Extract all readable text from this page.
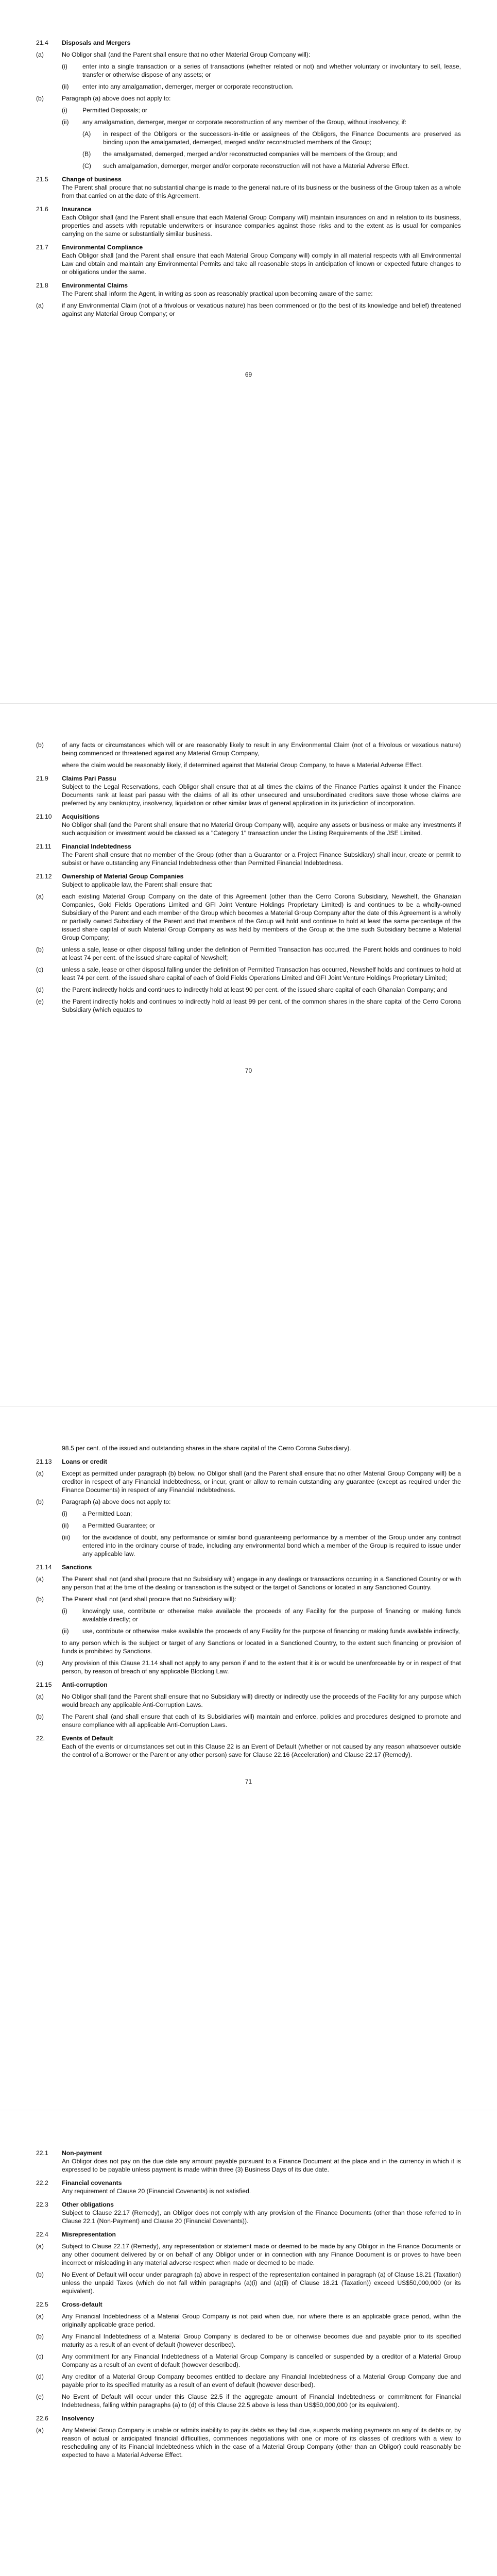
21.4 Disposals and Mergers
(a)	No Obligor shall (and the Parent shall ensure that no other Material Group Company will):
(i) enter into a single transaction or a series of transactions (whether related or not) and whether voluntary or involuntary to sell, lease, transfer or otherwise dispose of any assets; or
(ii) enter into any amalgamation, demerger, merger or corporate reconstruction.
(b)	Paragraph (a) above does not apply to:
(i) Permitted Disposals; or
(ii) any amalgamation, demerger, merger or corporate reconstruction of any member of the Group, without insolvency, if:
(A) in respect of the Obligors or the successors-in-title or assignees of the Obligors, the Finance Documents are preserved as binding upon the amalgamated, demerged, merged and/or reconstructed members of the Group;
(B) the amalgamated, demerged, merged and/or reconstructed companies will be members of the Group; and
(C) such amalgamation, demerger, merger and/or corporate reconstruction will not have a Material Adverse Effect.
21.5 Change of business

The Parent shall procure that no substantial change is made to the general nature of its business or the business of the Group taken as a whole from that carried on at the date of this Agreement.

21.6 Insurance

Each Obligor shall (and the Parent shall ensure that each Material Group Company will) maintain insurances on and in relation to its business, properties and assets with reputable underwriters or insurance companies against those risks and to the extent as is usual for companies carrying on the same or substantially similar business.

21.7 Environmental Compliance

Each Obligor shall (and the Parent shall ensure that each Material Group Company will) comply in all material respects with all Environmental Law and obtain and maintain any Environmental Permits and take all reasonable steps in anticipation of known or expected future changes to or obligations under the same.

21.8 Environmental Claims

The Parent shall inform the Agent, in writing as soon as reasonably practical upon becoming aware of the same:

(a)	if any Environmental Claim (not of a frivolous or vexatious nature) has been commenced or (to the best of its knowledge and belief) threatened against any Material Group Company; or
69
(b)	of any facts or circumstances which will or are reasonably likely to result in any Environmental Claim (not of a frivolous or vexatious nature) being commenced or threatened against any Material Group Company,

where the claim would be reasonably likely, if determined against that Material Group Company, to have a Material Adverse Effect.

21.9 Claims Pari Passu

Subject to the Legal Reservations, each Obligor shall ensure that at all times the claims of the Finance Parties against it under the Finance Documents rank at least pari passu with the claims of all its other unsecured and unsubordinated creditors save those whose claims are preferred by any bankruptcy, insolvency, liquidation or other similar laws of general application in its jurisdiction of incorporation.

21.10 Acquisitions

No Obligor shall (and the Parent shall ensure that no Material Group Company will), acquire any assets or business or make any investments if such acquisition or investment would be classed as a "Category 1" transaction under the Listing Requirements of the JSE Limited.

21.11 Financial Indebtedness

The Parent shall ensure that no member of the Group (other than a Guarantor or a Project Finance Subsidiary) shall incur, create or permit to subsist or have outstanding any Financial Indebtedness other than Permitted Financial Indebtedness.

21.12 Ownership of Material Group Companies

Subject to applicable law, the Parent shall ensure that:

(a)	each existing Material Group Company on the date of this Agreement (other than the Cerro Corona Subsidiary, Newshelf, the Ghanaian Companies, Gold Fields Operations Limited and GFI Joint Venture Holdings Proprietary Limited) is and continues to be a wholly-owned Subsidiary of the Parent and each member of the Group which becomes a Material Group Company after the date of this Agreement is a wholly or partially owned Subsidiary of the Parent and that members of the Group will hold and continue to hold at least the same percentage of the issued share capital of such Material Group Company as was held by members of the Group at the time such Subsidiary became a Material Group Company;
(b)	unless a sale, lease or other disposal falling under the definition of Permitted Transaction has occurred, the Parent holds and continues to hold at least 74 per cent. of the issued share capital of Newshelf;
(c)	unless a sale, lease or other disposal falling under the definition of Permitted Transaction has occurred, Newshelf holds and continues to hold at least 74 per cent. of the issued share capital of each of Gold Fields Operations Limited and GFI Joint Venture Holdings Proprietary Limited;
(d)	the Parent indirectly holds and continues to indirectly hold at least 90 per cent. of the issued share capital of each Ghanaian Company; and
(e)	the Parent indirectly holds and continues to indirectly hold at least 99 per cent. of the common shares in the share capital of the Cerro Corona Subsidiary (which equates to
70

98.5 per cent. of the issued and outstanding shares in the share capital of the Cerro Corona Subsidiary).

21.13 Loans or credit
(a)	Except as permitted under paragraph (b) below, no Obligor shall (and the Parent shall ensure that no other Material Group Company will) be a creditor in respect of any Financial Indebtedness, or incur, grant or allow to remain outstanding any guarantee (except as required under the Finance Documents) in respect of any Financial Indebtedness.
(b)	Paragraph (a) above does not apply to:
(i) a Permitted Loan;
(ii) a Permitted Guarantee; or
(iii) for the avoidance of doubt, any performance or similar bond guaranteeing performance by a member of the Group under any contract entered into in the ordinary course of trade, including any environmental bond which a member of the Group is required to issue under any applicable law.
21.14 Sanctions
(a)	The Parent shall not (and shall procure that no Subsidiary will) engage in any dealings or transactions occurring in a Sanctioned Country or with any person that at the time of the dealing or transaction is the subject or the target of Sanctions or located in any Sanctioned Country.
(b)	The Parent shall not (and shall procure that no Subsidiary will):
(i) knowingly use, contribute or otherwise make available the proceeds of any Facility for the purpose of financing or making funds available directly; or
(ii) use, contribute or otherwise make available the proceeds of any Facility for the purpose of financing or making funds available indirectly,

to any person which is the subject or target of any Sanctions or located in a Sanctioned Country, to the extent such financing or provision of funds is prohibited by Sanctions.

(c)	Any provision of this Clause 21.14 shall not apply to any person if and to the extent that it is or would be unenforceable by or in respect of that person, by reason of breach of any applicable Blocking Law.
21.15 Anti-corruption
(a)	No Obligor shall (and the Parent shall ensure that no Subsidiary will) directly or indirectly use the proceeds of the Facility for any purpose which would breach any applicable Anti-Corruption Laws.
(b)	The Parent shall (and shall ensure that each of its Subsidiaries will) maintain and enforce, policies and procedures designed to promote and ensure compliance with all applicable Anti-Corruption Laws.
22.	Events of Default

Each of the events or circumstances set out in this Clause 22 is an Event of Default (whether or not caused by any reason whatsoever outside the control of a Borrower or the Parent or any other person) save for Clause 22.16 (Acceleration) and Clause 22.17 (Remedy).

71
22.1 Non-payment

An Obligor does not pay on the due date any amount payable pursuant to a Finance Document at the place and in the currency in which it is expressed to be payable unless payment is made within three (3) Business Days of its due date.

22.2 Financial covenants

Any requirement of Clause 20 (Financial Covenants) is not satisfied.

22.3 Other obligations

Subject to Clause 22.17 (Remedy), an Obligor does not comply with any provision of the Finance Documents (other than those referred to in Clause 22.1 (Non-Payment) and Clause 20 (Financial Covenants)).

22.4 Misrepresentation
(a)	Subject to Clause 22.17 (Remedy), any representation or statement made or deemed to be made by any Obligor in the Finance Documents or any other document delivered by or on behalf of any Obligor under or in connection with any Finance Document is or proves to have been incorrect or misleading in any material adverse respect when made or deemed to be made.
(b)	No Event of Default will occur under paragraph (a) above in respect of the representation contained in paragraph (a) of Clause 18.21 (Taxation) unless the unpaid Taxes (which do not fall within paragraphs (a)(i) and (a)(ii) of Clause 18.21 (Taxation)) exceed US$50,000,000 (or its equivalent).
22.5 Cross-default
(a)	Any Financial Indebtedness of a Material Group Company is not paid when due, nor where there is an applicable grace period, within the originally applicable grace period.
(b)	Any Financial Indebtedness of a Material Group Company is declared to be or otherwise becomes due and payable prior to its specified maturity as a result of an event of default (however described).
(c)	Any commitment for any Financial Indebtedness of a Material Group Company is cancelled or suspended by a creditor of a Material Group Company as a result of an event of default (however described).
(d)	Any creditor of a Material Group Company becomes entitled to declare any Financial Indebtedness of a Material Group Company due and payable prior to its specified maturity as a result of an event of default (however described).
(e)	No Event of Default will occur under this Clause 22.5 if the aggregate amount of Financial Indebtedness or commitment for Financial Indebtedness, falling within paragraphs (a) to (d) of this Clause 22.5 above is less than US$50,000,000 (or its equivalent).
22.6 Insolvency
(a)	Any Material Group Company is unable or admits inability to pay its debts as they fall due, suspends making payments on any of its debts or, by reason of actual or anticipated financial difficulties, commences negotiations with one or more of its classes of creditors with a view to rescheduling any of its Financial Indebtedness which in the case of a Material Group Company (other than an Obligor) could reasonably be expected to have a Material Adverse Effect.
